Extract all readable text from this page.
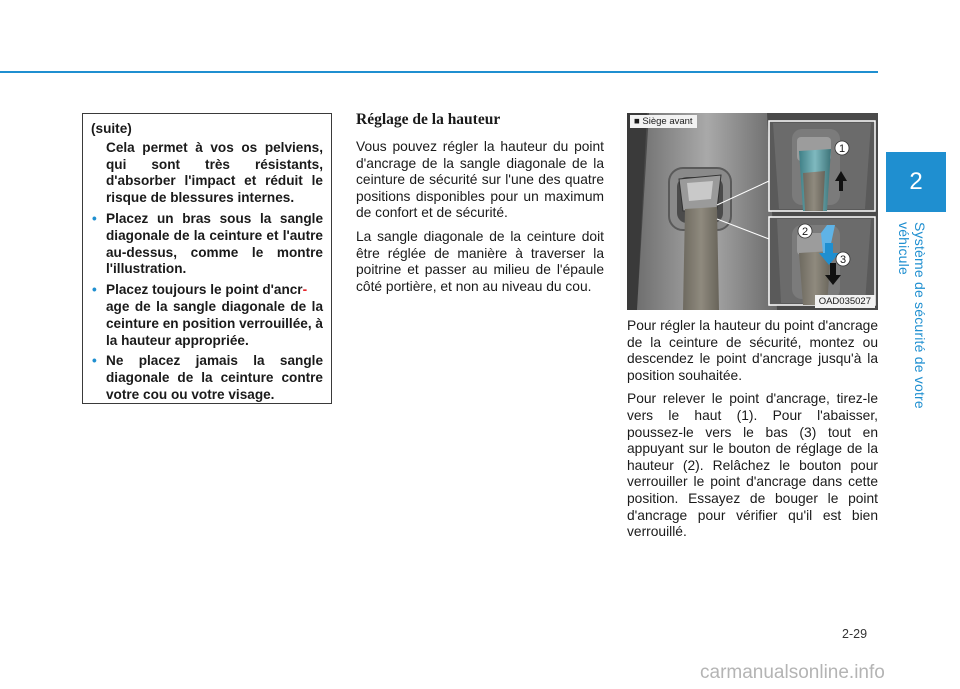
2
Système de sécurité de votre véhicule
(suite)
Cela permet à vos os pelviens, qui sont très résistants, d'absorber l'impact et réduit le risque de blessures internes.
• Placez un bras sous la sangle diagonale de la ceinture et l'autre au-dessus, comme le montre l'illustration.
• Placez toujours le point d'ancr-
age de la sangle diagonale de la ceinture en position verrouillée, à la hauteur appropriée.
• Ne placez jamais la sangle diagonale de la ceinture contre votre cou ou votre visage.
Réglage de la hauteur

Vous pouvez régler la hauteur du point d'ancrage de la sangle diagonale de la ceinture de sécurité sur l'une des quatre positions disponibles pour un maximum de confort et de sécurité.

La sangle diagonale de la ceinture doit être réglée de manière à traverser la poitrine et passer au milieu de l'épaule côté portière, et non au niveau du cou.

1
2
3
■ Siège avant
OAD035027

Pour régler la hauteur du point d'ancrage de la ceinture de sécurité, montez ou descendez le point d'ancrage jusqu'à la position souhaitée.

Pour relever le point d'ancrage, tirez-le vers le haut (1). Pour l'abaisser, poussez-le vers le bas (3) tout en appuyant sur le bouton de réglage de la hauteur (2). Relâchez le bouton pour verrouiller le point d'ancrage dans cette position. Essayez de bouger le point d'ancrage pour vérifier qu'il est bien verrouillé.

2-29
carmanualsonline.info
